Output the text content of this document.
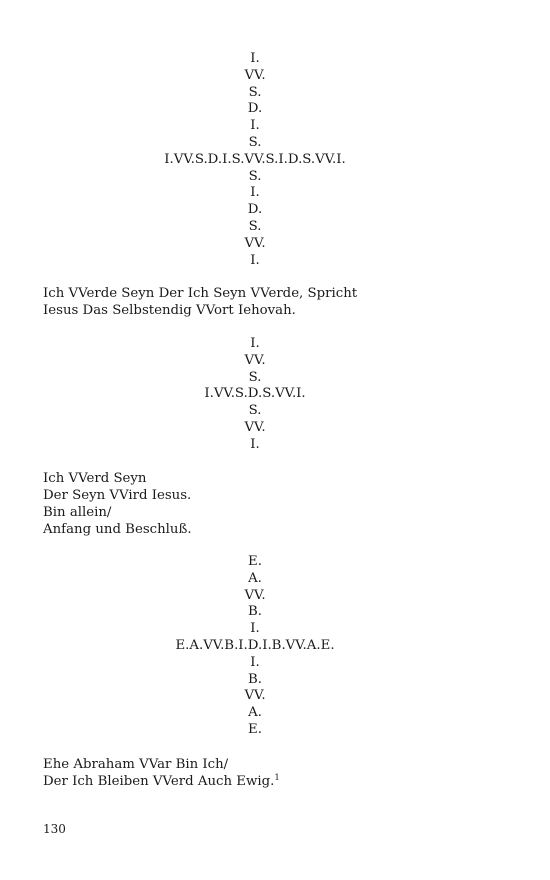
I.
VV.
S.
D.
I.
S.
I.VV.S.D.I.S.VV.S.I.D.S.VV.I.
S.
I.
D.
S.
VV.
I.
Ich VVerde Seyn Der Ich Seyn VVerde, Spricht
Iesus Das Selbstendig VVort Iehovah.
I.
VV.
S.
I.VV.S.D.S.VV.I.
S.
VV.
I.
Ich VVerd Seyn
Der Seyn VVird Iesus.
Bin allein/
Anfang und Beschluß.
E.
A.
VV.
B.
I.
E.A.VV.B.I.D.I.B.VV.A.E.
I.
B.
VV.
A.
E.
Ehe Abraham VVar Bin Ich/
Der Ich Bleiben VVerd Auch Ewig.$^1$
130
